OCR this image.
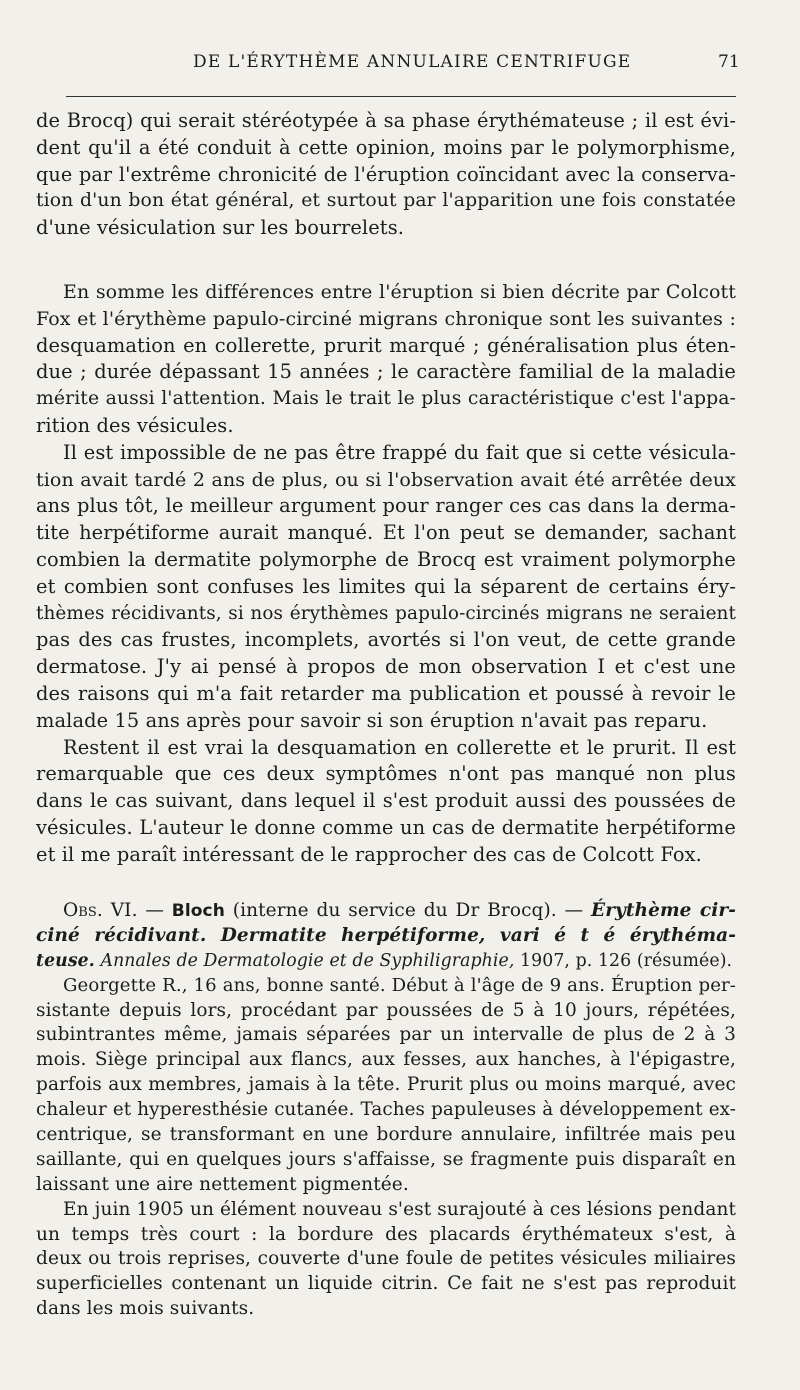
DE L'ÉRYTHÈME ANNULAIRE CENTRIFUGE	71
de Brocq) qui serait stéréotypée à sa phase érythémateuse ; il est évi-
dent qu'il a été conduit à cette opinion, moins par le polymorphisme,
que par l'extrême chronicité de l'éruption coïncidant avec la conserva-
tion d'un bon état général, et surtout par l'apparition une fois constatée
d'une vésiculation sur les bourrelets.
En somme les différences entre l'éruption si bien décrite par Colcott
Fox et l'érythème papulo-circiné migrans chronique sont les suivantes :
desquamation en collerette, prurit marqué ; généralisation plus éten-
due ; durée dépassant 15 années ; le caractère familial de la maladie
mérite aussi l'attention. Mais le trait le plus caractéristique c'est l'appa-
rition des vésicules.
Il est impossible de ne pas être frappé du fait que si cette vésicula-
tion avait tardé 2 ans de plus, ou si l'observation avait été arrêtée deux
ans plus tôt, le meilleur argument pour ranger ces cas dans la derma-
tite herpétiforme aurait manqué. Et l'on peut se demander, sachant
combien la dermatite polymorphe de Brocq est vraiment polymorphe
et combien sont confuses les limites qui la séparent de certains éry-
thèmes récidivants, si nos érythèmes papulo-circinés migrans ne seraient
pas des cas frustes, incomplets, avortés si l'on veut, de cette grande
dermatose. J'y ai pensé à propos de mon observation I et c'est une
des raisons qui m'a fait retarder ma publication et poussé à revoir le
malade 15 ans après pour savoir si son éruption n'avait pas reparu.
Restent il est vrai la desquamation en collerette et le prurit. Il est
remarquable que ces deux symptômes n'ont pas manqué non plus
dans le cas suivant, dans lequel il s'est produit aussi des poussées de
vésicules. L'auteur le donne comme un cas de dermatite herpétiforme
et il me paraît intéressant de le rapprocher des cas de Colcott Fox.
Obs. VI. — Bloch (interne du service du Dr Brocq). — Érythème cir-
ciné récidivant. Dermatite herpétiforme, vari é t é érythéma-
teuse. Annales de Dermatologie et de Syphiligraphie, 1907, p. 126 (résumée).
Georgette R., 16 ans, bonne santé. Début à l'âge de 9 ans. Éruption per-
sistante depuis lors, procédant par poussées de 5 à 10 jours, répétées,
subintrantes même, jamais séparées par un intervalle de plus de 2 à 3
mois. Siège principal aux flancs, aux fesses, aux hanches, à l'épigastre,
parfois aux membres, jamais à la tête. Prurit plus ou moins marqué, avec
chaleur et hyperesthésie cutanée. Taches papuleuses à développement ex-
centrique, se transformant en une bordure annulaire, infiltrée mais peu
saillante, qui en quelques jours s'affaisse, se fragmente puis disparaît en
laissant une aire nettement pigmentée.
En juin 1905 un élément nouveau s'est surajouté à ces lésions pendant
un temps très court : la bordure des placards érythémateux s'est, à
deux ou trois reprises, couverte d'une foule de petites vésicules miliaires
superficielles contenant un liquide citrin. Ce fait ne s'est pas reproduit
dans les mois suivants.
